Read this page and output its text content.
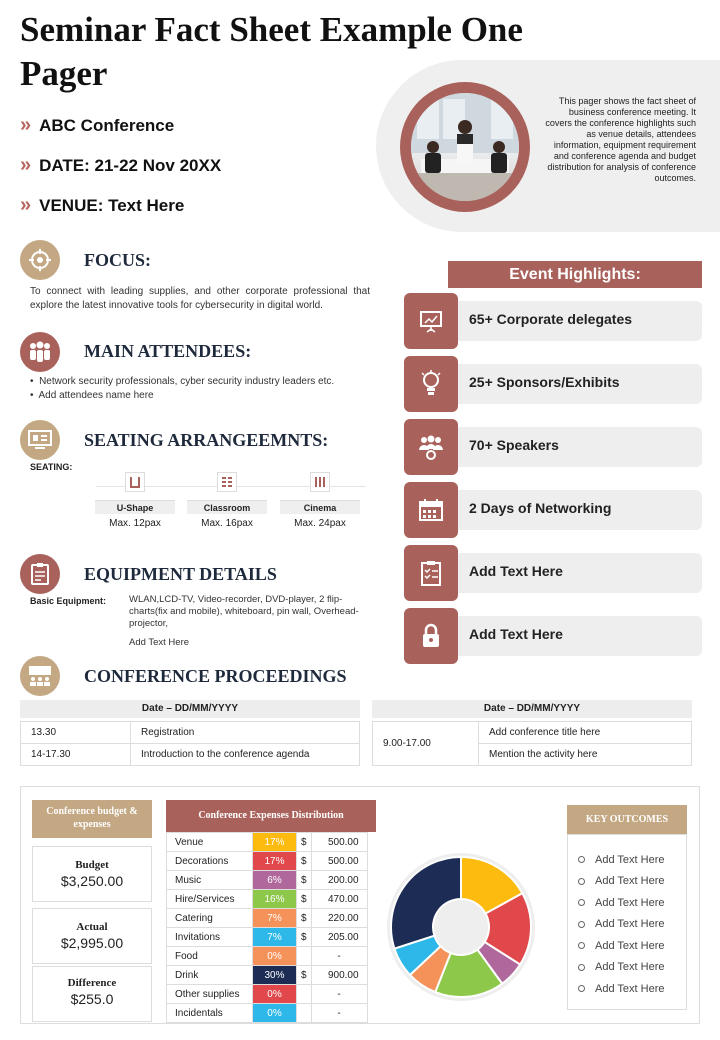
Seminar Fact Sheet Example One Pager
» ABC Conference
» DATE: 21-22 Nov 20XX
» VENUE: Text Here
This pager shows the fact sheet of business conference meeting. It covers the conference highlights such as venue details, attendees information, equipment requirement and conference agenda and budget distribution for analysis of conference outcomes.
FOCUS:
To connect with leading supplies, and other corporate professional that explore the latest innovative tools for cybersecurity in digital world.
MAIN ATTENDEES:
•  Network security professionals, cyber security industry leaders etc.
•  Add attendees name here
SEATING ARRANGEEMNTS:
SEATING:
U-Shape
Max. 12pax
Classroom
Max. 16pax
Cinema
Max. 24pax
EQUIPMENT DETAILS
Basic Equipment: WLAN,LCD-TV, Video-recorder, DVD-player, 2 flip-charts(fix and mobile), whiteboard, pin wall, Overhead-projector,
Add Text Here
Event Highlights:
65+ Corporate delegates
25+ Sponsors/Exhibits
70+ Speakers
2 Days of Networking
Add Text Here
Add Text Here
CONFERENCE PROCEEDINGS
Date – DD/MM/YYYY	Date – DD/MM/YYYY
13.30	Registration
14-17.30	Introduction to the conference agenda
9.00-17.00	Add conference title here
Mention the activity here
Conference budget & expenses
Budget
$3,250.00
Actual
$2,995.00
Difference
$255.0
Conference Expenses Distribution
Venue	17%	$	500.00
Decorations	17%	$	500.00
Music	6%	$	200.00
Hire/Services	16%	$	470.00
Catering	7%	$	220.00
Invitations	7%	$	205.00
Food	0%		-
Drink	30%	$	900.00
Other supplies	0%		-
Incidentals	0%		-
KEY OUTCOMES
Add Text Here
Add Text Here
Add Text Here
Add Text Here
Add Text Here
Add Text Here
Add Text Here
